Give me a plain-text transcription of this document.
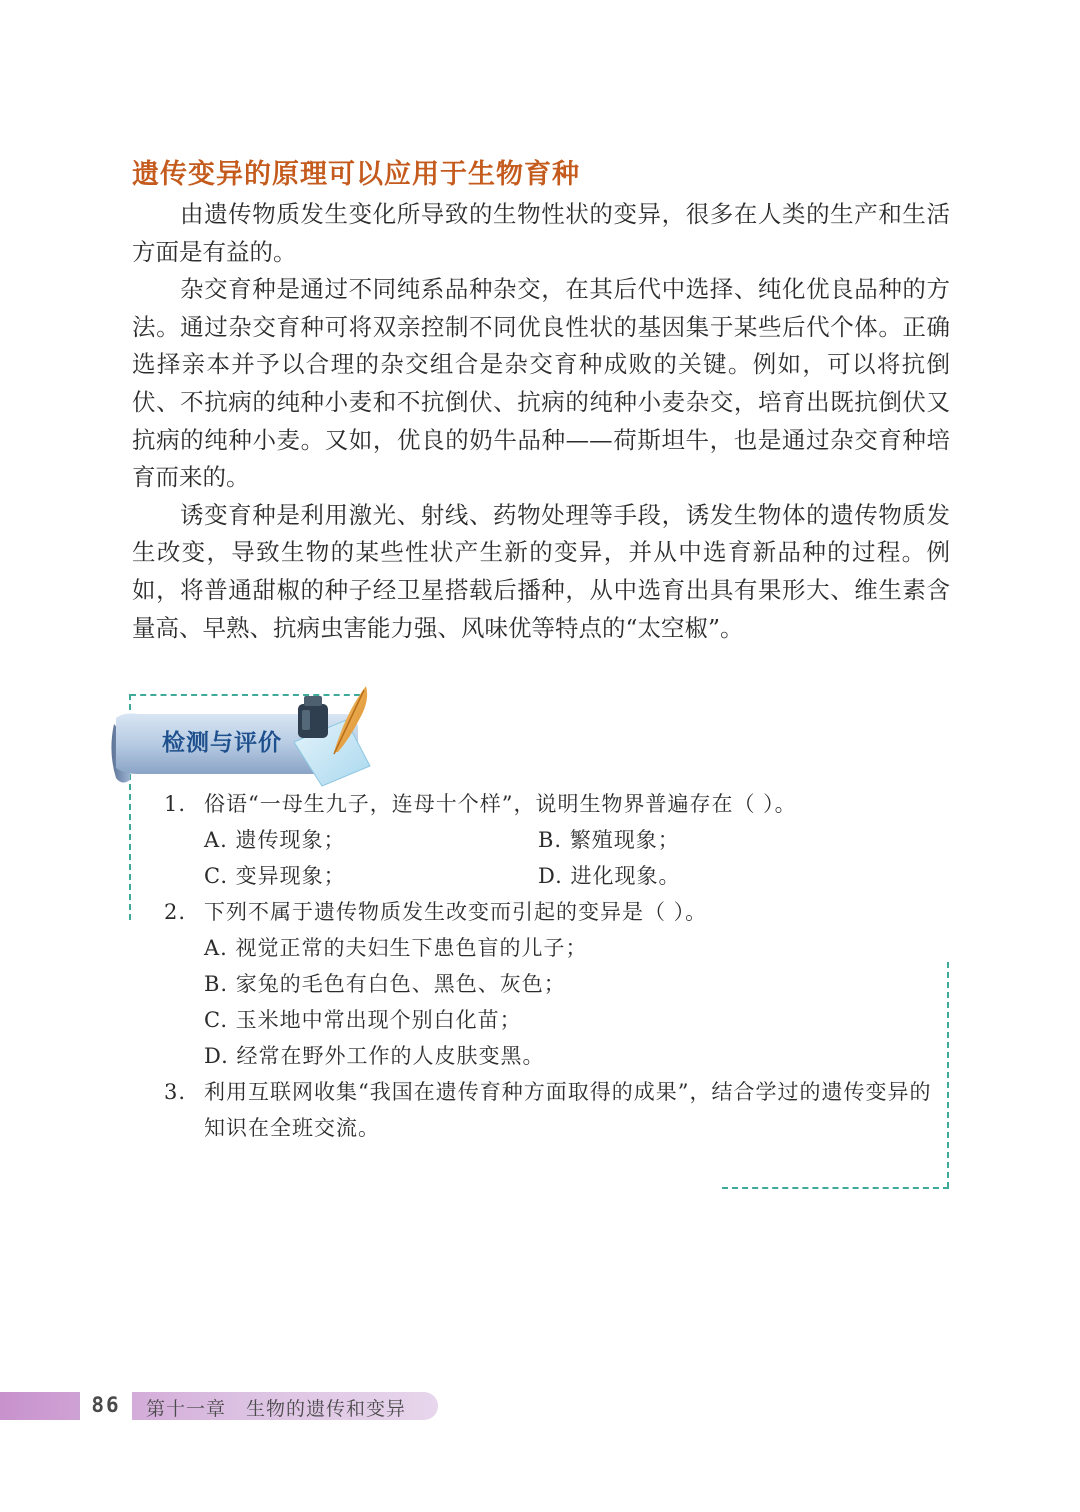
遗传变异的原理可以应用于生物育种

由遗传物质发生变化所导致的生物性状的变异，很多在人类的生产和生活方面是有益的。

杂交育种是通过不同纯系品种杂交，在其后代中选择、纯化优良品种的方法。通过杂交育种可将双亲控制不同优良性状的基因集于某些后代个体。正确选择亲本并予以合理的杂交组合是杂交育种成败的关键。例如，可以将抗倒伏、不抗病的纯种小麦和不抗倒伏、抗病的纯种小麦杂交，培育出既抗倒伏又抗病的纯种小麦。又如，优良的奶牛品种——荷斯坦牛，也是通过杂交育种培育而来的。

诱变育种是利用激光、射线、药物处理等手段，诱发生物体的遗传物质发生改变，导致生物的某些性状产生新的变异，并从中选育新品种的过程。例如，将普通甜椒的种子经卫星搭载后播种，从中选育出具有果形大、维生素含量高、早熟、抗病虫害能力强、风味优等特点的“太空椒”。

检测与评价
1. 俗语“一母生九子，连母十个样”，说明生物界普遍存在（ ）。
A. 遗传现象；	B. 繁殖现象；
C. 变异现象；	D. 进化现象。
2. 下列不属于遗传物质发生改变而引起的变异是（ ）。
A. 视觉正常的夫妇生下患色盲的儿子；
B. 家兔的毛色有白色、黑色、灰色；
C. 玉米地中常出现个别白化苗；
D. 经常在野外工作的人皮肤变黑。
3. 利用互联网收集“我国在遗传育种方面取得的成果”，结合学过的遗传变异的知识在全班交流。
86	第十一章 生物的遗传和变异
